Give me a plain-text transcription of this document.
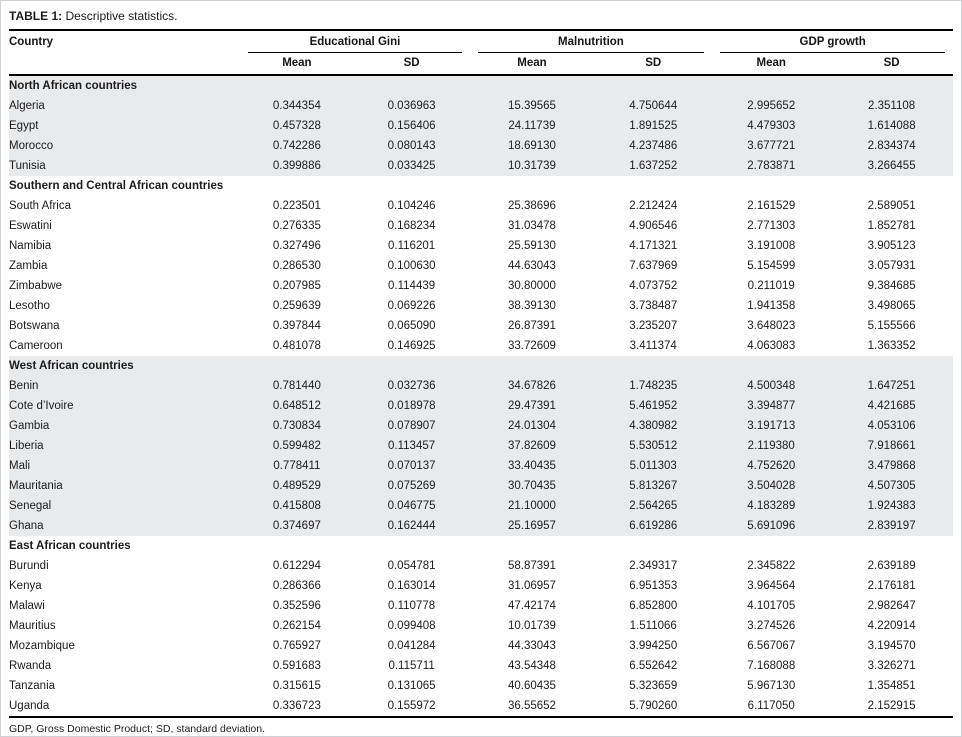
TABLE 1: Descriptive statistics.
Country	Educational Gini		Malnutrition		GDP growth	

	Mean	SD	Mean	SD	Mean	SD
North African countries						
Algeria	0.344354	0.036963	15.39565	4.750644	2.995652	2.351108
Egypt	0.457328	0.156406	24.11739	1.891525	4.479303	1.614088
Morocco	0.742286	0.080143	18.69130	4.237486	3.677721	2.834374
Tunisia	0.399886	0.033425	10.31739	1.637252	2.783871	3.266455
Southern and Central African countries						
South Africa	0.223501	0.104246	25.38696	2.212424	2.161529	2.589051
Eswatini	0.276335	0.168234	31.03478	4.906546	2.771303	1.852781
Namibia	0.327496	0.116201	25.59130	4.171321	3.191008	3.905123
Zambia	0.286530	0.100630	44.63043	7.637969	5.154599	3.057931
Zimbabwe	0.207985	0.114439	30.80000	4.073752	0.211019	9.384685
Lesotho	0.259639	0.069226	38.39130	3.738487	1.941358	3.498065
Botswana	0.397844	0.065090	26.87391	3.235207	3.648023	5.155566
Cameroon	0.481078	0.146925	33.72609	3.411374	4.063083	1.363352
West African countries						
Benin	0.781440	0.032736	34.67826	1.748235	4.500348	1.647251
Cote d’Ivoire	0.648512	0.018978	29.47391	5.461952	3.394877	4.421685
Gambia	0.730834	0.078907	24.01304	4.380982	3.191713	4.053106
Liberia	0.599482	0.113457	37.82609	5.530512	2.119380	7.918661
Mali	0.778411	0.070137	33.40435	5.011303	4.752620	3.479868
Mauritania	0.489529	0.075269	30.70435	5.813267	3.504028	4.507305
Senegal	0.415808	0.046775	21.10000	2.564265	4.183289	1.924383
Ghana	0.374697	0.162444	25.16957	6.619286	5.691096	2.839197
East African countries						
Burundi	0.612294	0.054781	58.87391	2.349317	2.345822	2.639189
Kenya	0.286366	0.163014	31.06957	6.951353	3.964564	2.176181
Malawi	0.352596	0.110778	47.42174	6.852800	4.101705	2.982647
Mauritius	0.262154	0.099408	10.01739	1.511066	3.274526	4.220914
Mozambique	0.765927	0.041284	44.33043	3.994250	6.567067	3.194570
Rwanda	0.591683	0.115711	43.54348	6.552642	7.168088	3.326271
Tanzania	0.315615	0.131065	40.60435	5.323659	5.967130	1.354851
Uganda	0.336723	0.155972	36.55652	5.790260	6.117050	2.152915
GDP, Gross Domestic Product; SD, standard deviation.
